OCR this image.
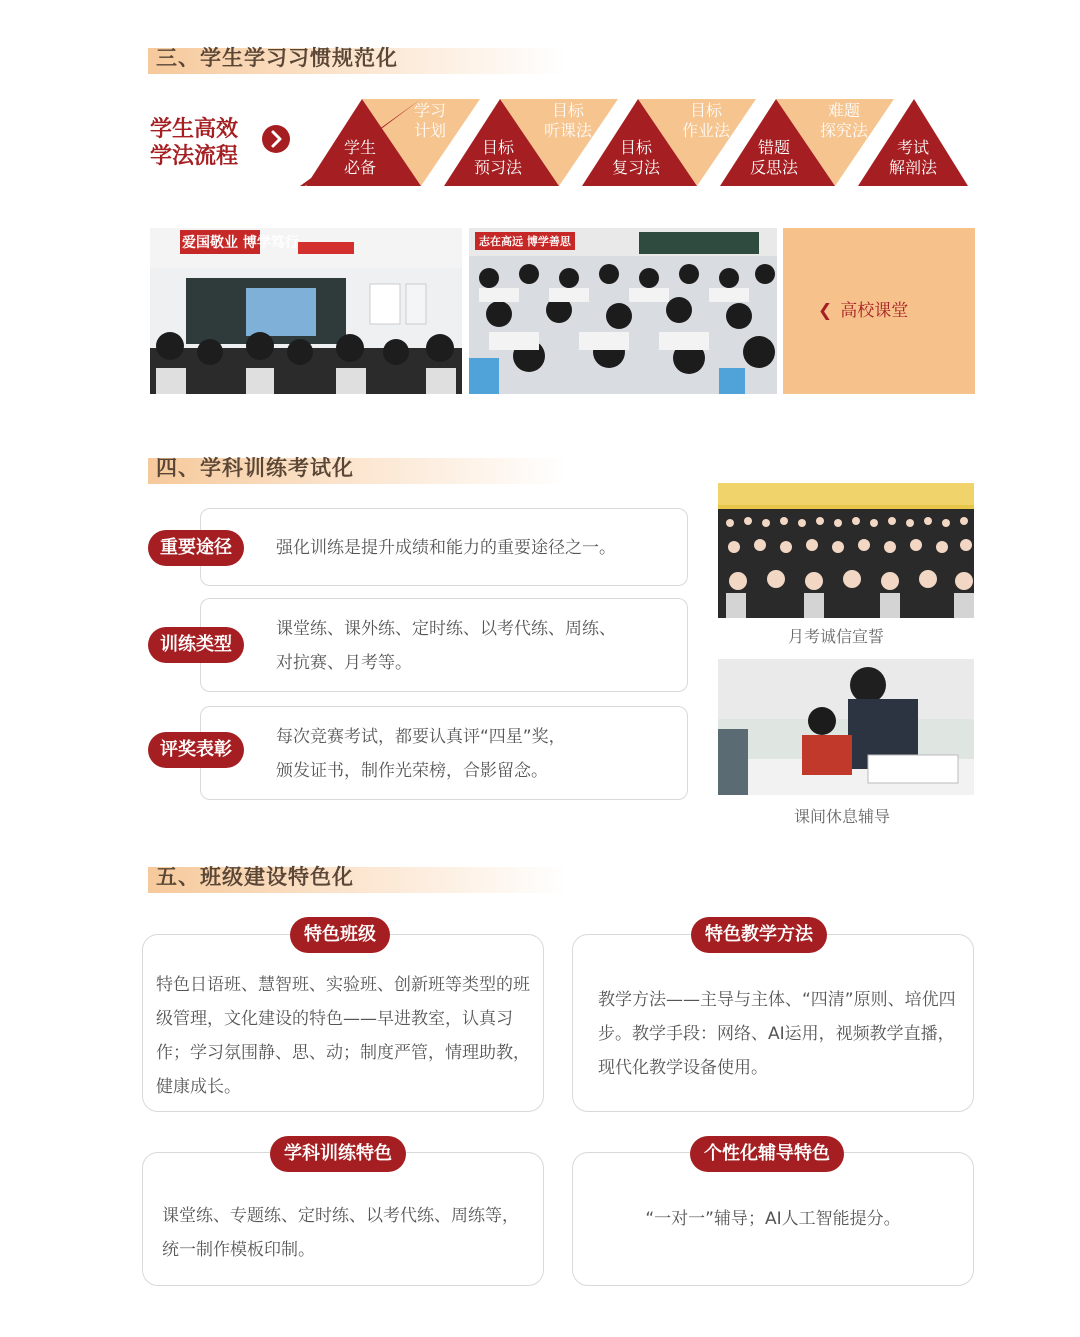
三、学生学习习惯规范化
学生高效
学法流程	学生
必备
目标
预习法
目标
复习法
错题
反思法
考试
解剖法
学习
计划
目标
听课法
目标
作业法
难题
探究法
爱国敬业 博学笃行	志在高远 博学善思
❮ 高校课堂
四、学科训练考试化
重要途径	强化训练是提升成绩和能力的重要途径之一。
训练类型
课堂练、课外练、定时练、以考代练、周练、
对抗赛、月考等。
评奖表彰
每次竞赛考试，都要认真评“四星”奖，
颁发证书，制作光荣榜，合影留念。
月考诚信宣誓
课间休息辅导
五、班级建设特色化
特色班级
特色日语班、慧智班、实验班、创新班等类型的班级管理，文化建设的特色——早进教室，认真习作；学习氛围静、思、动；制度严管，情理助教，健康成长。
特色教学方法
教学方法——主导与主体、“四清”原则、培优四步。教学手段：网络、AI运用，视频教学直播，现代化教学设备使用。
学科训练特色
课堂练、专题练、定时练、以考代练、周练等，统一制作模板印制。
个性化辅导特色
“一对一”辅导；AI人工智能提分。
